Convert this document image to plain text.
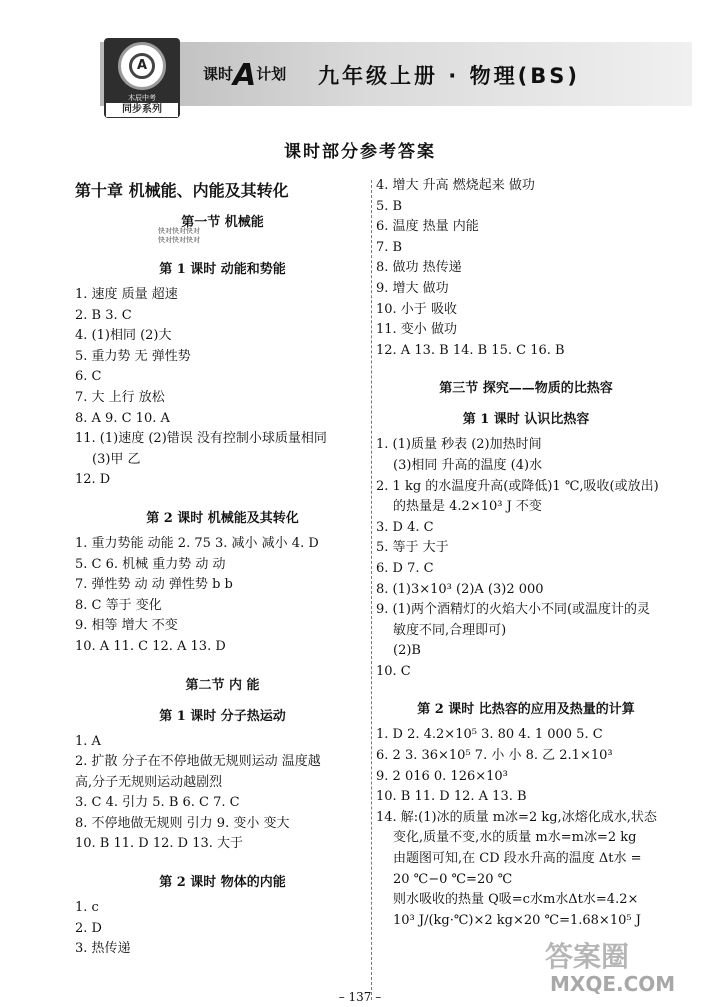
A
木辰中考
同步系列
课时A计划 九年级上册 · 物理(BS)
课时部分参考答案
快对快对快对
快对快对快对
第十章 机械能、内能及其转化
第一节 机械能
第 1 课时 动能和势能
1. 速度 质量 超速
2. B 3. C
4. (1)相同 (2)大
5. 重力势 无 弹性势
6. C
7. 大 上行 放松
8. A 9. C 10. A
11. (1)速度 (2)错误 没有控制小球质量相同
(3)甲 乙
12. D
第 2 课时 机械能及其转化
1. 重力势能 动能 2. 75 3. 减小 减小 4. D
5. C 6. 机械 重力势 动 动
7. 弹性势 动 动 弹性势 b b
8. C 等于 变化
9. 相等 增大 不变
10. A 11. C 12. A 13. D
第二节 内 能
第 1 课时 分子热运动
1. A
2. 扩散 分子在不停地做无规则运动 温度越
高,分子无规则运动越剧烈
3. C 4. 引力 5. B 6. C 7. C
8. 不停地做无规则 引力 9. 变小 变大
10. B 11. D 12. D 13. 大于
第 2 课时 物体的内能
1. c
2. D
3. 热传递
4. 增大 升高 燃烧起来 做功
5. B
6. 温度 热量 内能
7. B
8. 做功 热传递
9. 增大 做功
10. 小于 吸收
11. 变小 做功
12. A 13. B 14. B 15. C 16. B
第三节 探究——物质的比热容
第 1 课时 认识比热容
1. (1)质量 秒表 (2)加热时间
(3)相同 升高的温度 (4)水
2. 1 kg 的水温度升高(或降低)1 ℃,吸收(或放出)
的热量是 4.2×10³ J 不变
3. D 4. C
5. 等于 大于
6. D 7. C
8. (1)3×10³ (2)A (3)2 000
9. (1)两个酒精灯的火焰大小不同(或温度计的灵
敏度不同,合理即可)
(2)B
10. C
第 2 课时 比热容的应用及热量的计算
1. D 2. 4.2×10⁵ 3. 80 4. 1 000 5. C
6. 2 3. 36×10⁵ 7. 小 小 8. 乙 2.1×10³
9. 2 016 0. 126×10³
10. B 11. D 12. A 13. B
14. 解:(1)冰的质量 m冰=2 kg,冰熔化成水,状态
变化,质量不变,水的质量 m水=m冰=2 kg
由题图可知,在 CD 段水升高的温度 Δt水 =
20 ℃−0 ℃=20 ℃
则水吸收的热量 Q吸=c水m水Δt水=4.2×
10³ J/(kg·℃)×2 kg×20 ℃=1.68×10⁵ J
答案圈
MXQE.COM
– 137 –
